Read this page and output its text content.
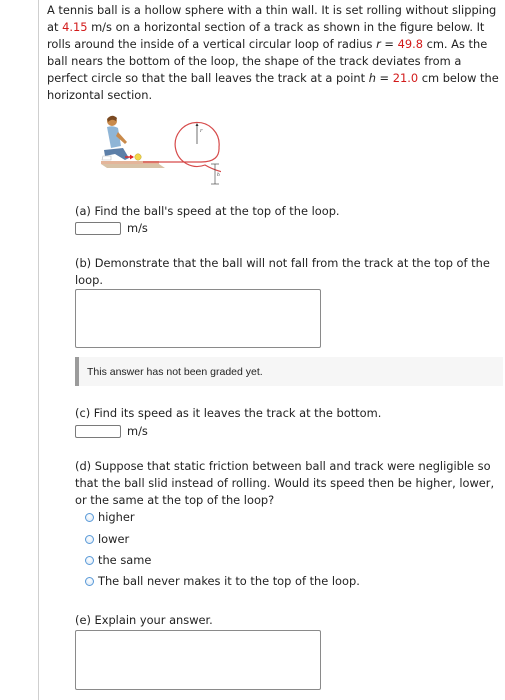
A tennis ball is a hollow sphere with a thin wall. It is set rolling without slipping at 4.15 m/s on a horizontal section of a track as shown in the figure below. It rolls around the inside of a vertical circular loop of radius r = 49.8 cm. As the ball nears the bottom of the loop, the shape of the track deviates from a perfect circle so that the ball leaves the track at a point h = 21.0 cm below the horizontal section.
r
h
(a) Find the ball's speed at the top of the loop.
m/s
(b) Demonstrate that the ball will not fall from the track at the top of the loop.
This answer has not been graded yet.
(c) Find its speed as it leaves the track at the bottom.
m/s
(d) Suppose that static friction between ball and track were negligible so that the ball slid instead of rolling. Would its speed then be higher, lower, or the same at the top of the loop?
higher
lower
the same
The ball never makes it to the top of the loop.
(e) Explain your answer.
